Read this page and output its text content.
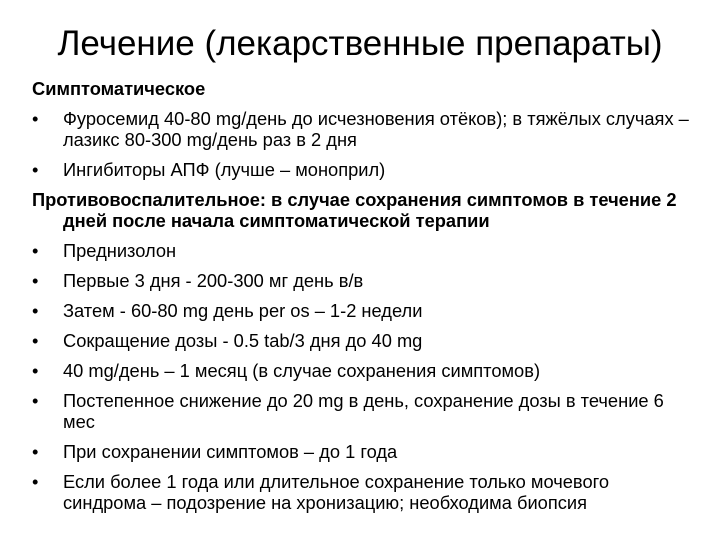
Лечение (лекарственные препараты)
Симптоматическое
•	Фуросемид 40-80 mg/день до исчезновения отёков); в тяжёлых случаях – лазикс 80-300 mg/день раз в 2 дня
•	Ингибиторы АПФ (лучше – моноприл)
Противовоспалительное: в случае сохранения симптомов в течение 2 дней после начала симптоматической терапии
•	Преднизолон
•	Первые 3 дня - 200-300 мг день в/в
•	Затем - 60-80 mg день per os – 1-2 недели
•	Сокращение дозы - 0.5 tab/3 дня до 40 mg
•	40 mg/день – 1 месяц (в случае сохранения симптомов)
•	Постепенное снижение до 20 mg в день, сохранение дозы в течение 6 мес
•	При сохранении симптомов – до 1 года
•	Если более 1 года или длительное сохранение только мочевого синдрома – подозрение на хронизацию; необходима биопсия
